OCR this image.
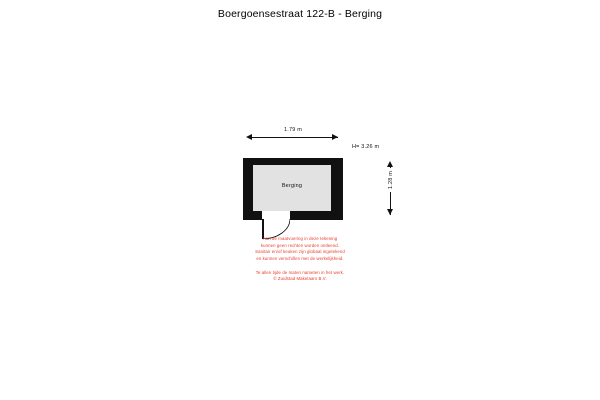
Boergoensestraat 122-B - Berging
1.79 m
H= 3.26 m
Berging	1.28 m
Aan de maatvoering in deze tekening
kunnen geen rechten worden ontleend.
Sanitair en/of keuken zijn globaal ingetekend
en kunnen verschillen met de werkelijkheid.
Te allen tijde de maten nameten in het werk.
© Zuidstad Makelaars B.V.
